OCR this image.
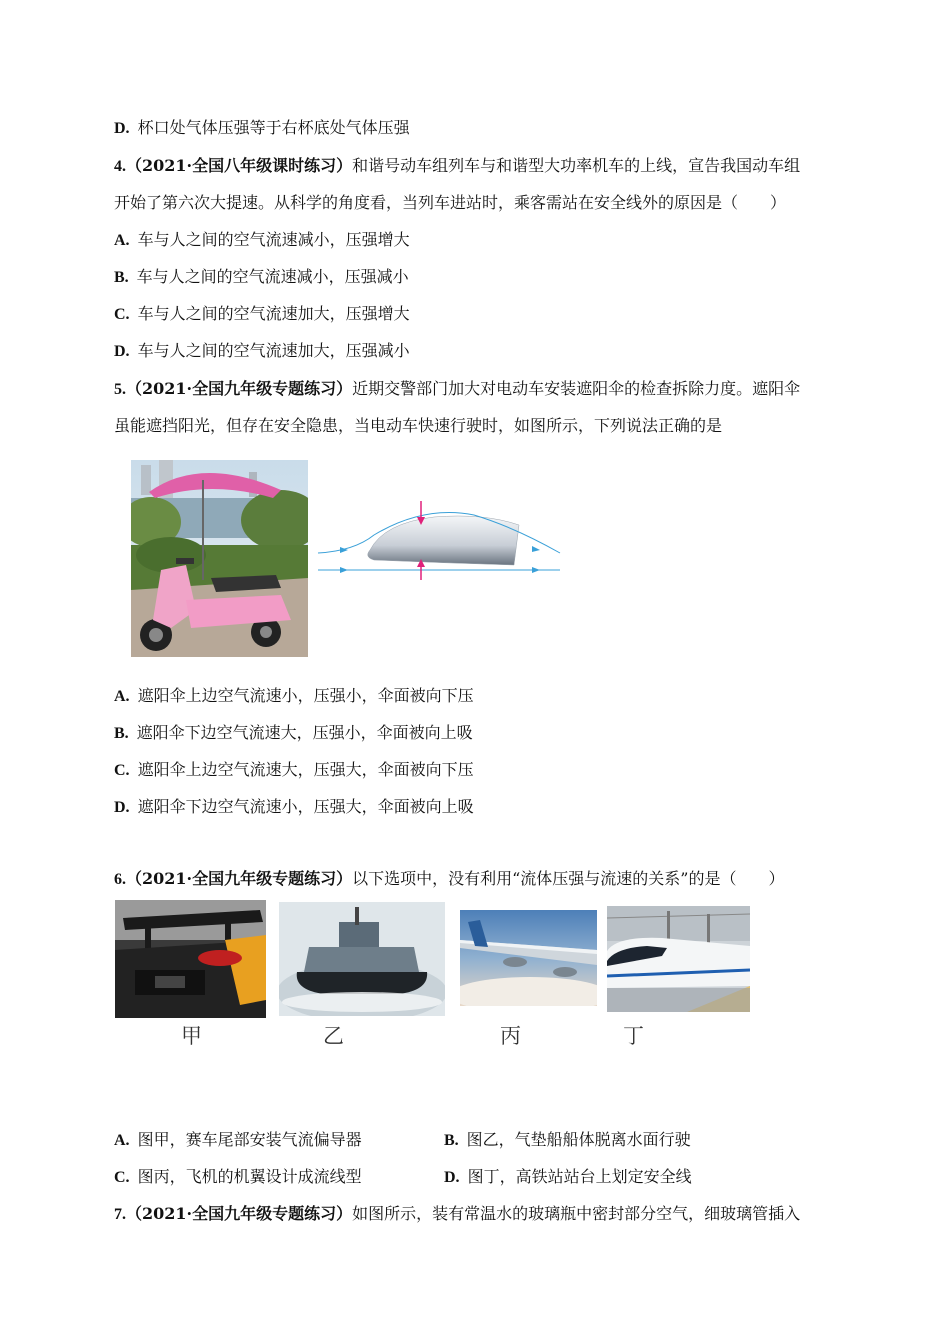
D. 杯口处气体压强等于右杯底处气体压强
4.（2021·全国八年级课时练习）和谐号动车组列车与和谐型大功率机车的上线，宣告我国动车组
开始了第六次大提速。从科学的角度看，当列车进站时，乘客需站在安全线外的原因是（　　）
A. 车与人之间的空气流速减小，压强增大
B. 车与人之间的空气流速减小，压强减小
C. 车与人之间的空气流速加大，压强增大
D. 车与人之间的空气流速加大，压强减小
5.（2021·全国九年级专题练习）近期交警部门加大对电动车安装遮阳伞的检查拆除力度。遮阳伞
虽能遮挡阳光，但存在安全隐患，当电动车快速行驶时，如图所示，下列说法正确的是
A. 遮阳伞上边空气流速小，压强小，伞面被向下压
B. 遮阳伞下边空气流速大，压强小，伞面被向上吸
C. 遮阳伞上边空气流速大，压强大，伞面被向下压
D. 遮阳伞下边空气流速小，压强大，伞面被向上吸
6.（2021·全国九年级专题练习）以下选项中，没有利用“流体压强与流速的关系”的是（　　）
甲	乙	丙	丁
A. 图甲，赛车尾部安装气流偏导器	B. 图乙，气垫船船体脱离水面行驶
C. 图丙，飞机的机翼设计成流线型	D. 图丁，高铁站站台上划定安全线
7.（2021·全国九年级专题练习）如图所示，装有常温水的玻璃瓶中密封部分空气，细玻璃管插入
